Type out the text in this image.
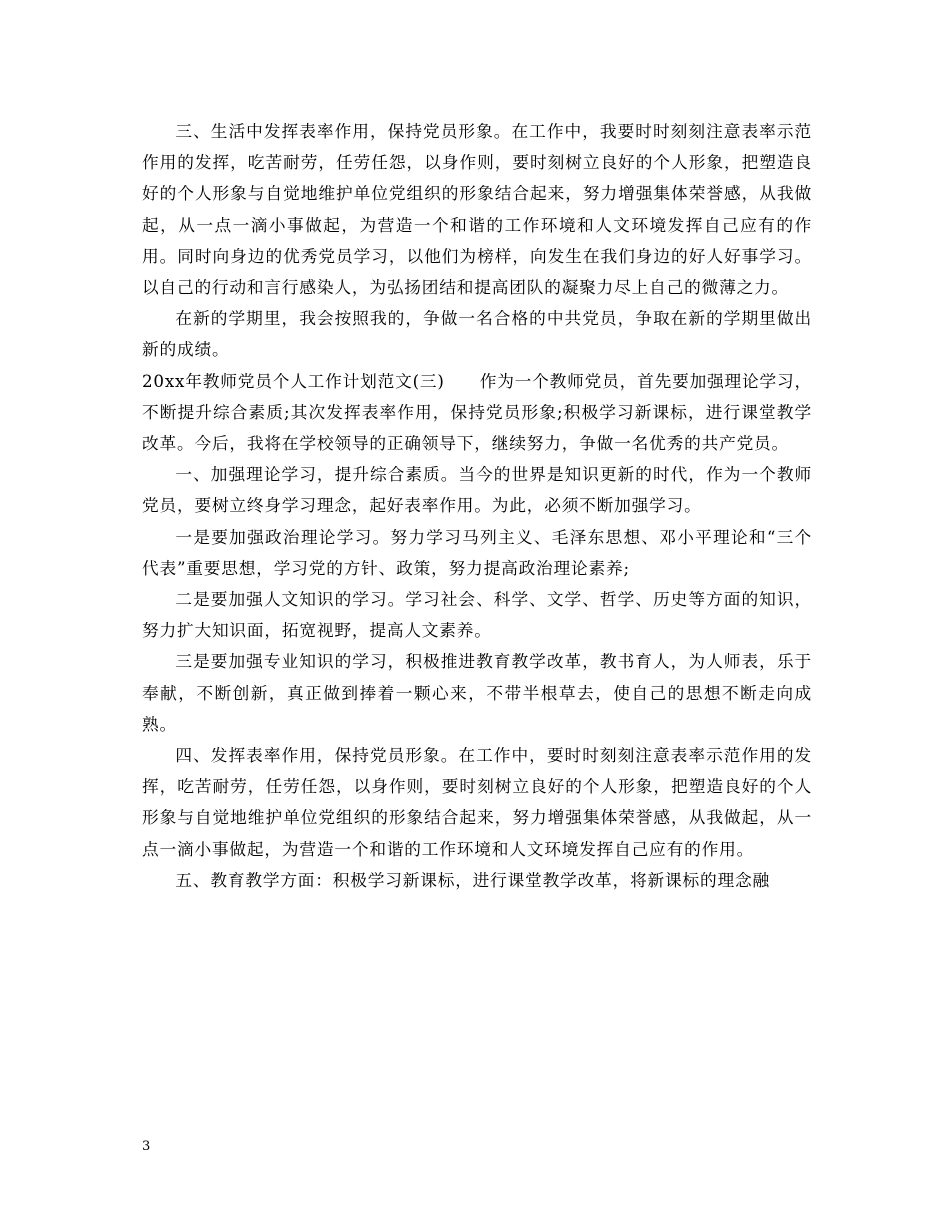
三、生活中发挥表率作用，保持党员形象。在工作中，我要时时刻刻注意表率示范作用的发挥，吃苦耐劳，任劳任怨，以身作则，要时刻树立良好的个人形象，把塑造良好的个人形象与自觉地维护单位党组织的形象结合起来，努力增强集体荣誉感，从我做起，从一点一滴小事做起，为营造一个和谐的工作环境和人文环境发挥自己应有的作用。同时向身边的优秀党员学习，以他们为榜样，向发生在我们身边的好人好事学习。以自己的行动和言行感染人，为弘扬团结和提高团队的凝聚力尽上自己的微薄之力。

在新的学期里，我会按照我的，争做一名合格的中共党员，争取在新的学期里做出新的成绩。

20xx年教师党员个人工作计划范文(三)　　作为一个教师党员，首先要加强理论学习，不断提升综合素质;其次发挥表率作用，保持党员形象;积极学习新课标，进行课堂教学改革。今后，我将在学校领导的正确领导下，继续努力，争做一名优秀的共产党员。

一、加强理论学习，提升综合素质。当今的世界是知识更新的时代，作为一个教师党员，要树立终身学习理念，起好表率作用。为此，必须不断加强学习。

一是要加强政治理论学习。努力学习马列主义、毛泽东思想、邓小平理论和“三个代表”重要思想，学习党的方针、政策，努力提高政治理论素养;

二是要加强人文知识的学习。学习社会、科学、文学、哲学、历史等方面的知识，努力扩大知识面，拓宽视野，提高人文素养。

三是要加强专业知识的学习，积极推进教育教学改革，教书育人，为人师表，乐于奉献，不断创新，真正做到捧着一颗心来，不带半根草去，使自己的思想不断走向成熟。

四、发挥表率作用，保持党员形象。在工作中，要时时刻刻注意表率示范作用的发挥，吃苦耐劳，任劳任怨，以身作则，要时刻树立良好的个人形象，把塑造良好的个人形象与自觉地维护单位党组织的形象结合起来，努力增强集体荣誉感，从我做起，从一点一滴小事做起，为营造一个和谐的工作环境和人文环境发挥自己应有的作用。

五、教育教学方面：积极学习新课标，进行课堂教学改革，将新课标的理念融

3
